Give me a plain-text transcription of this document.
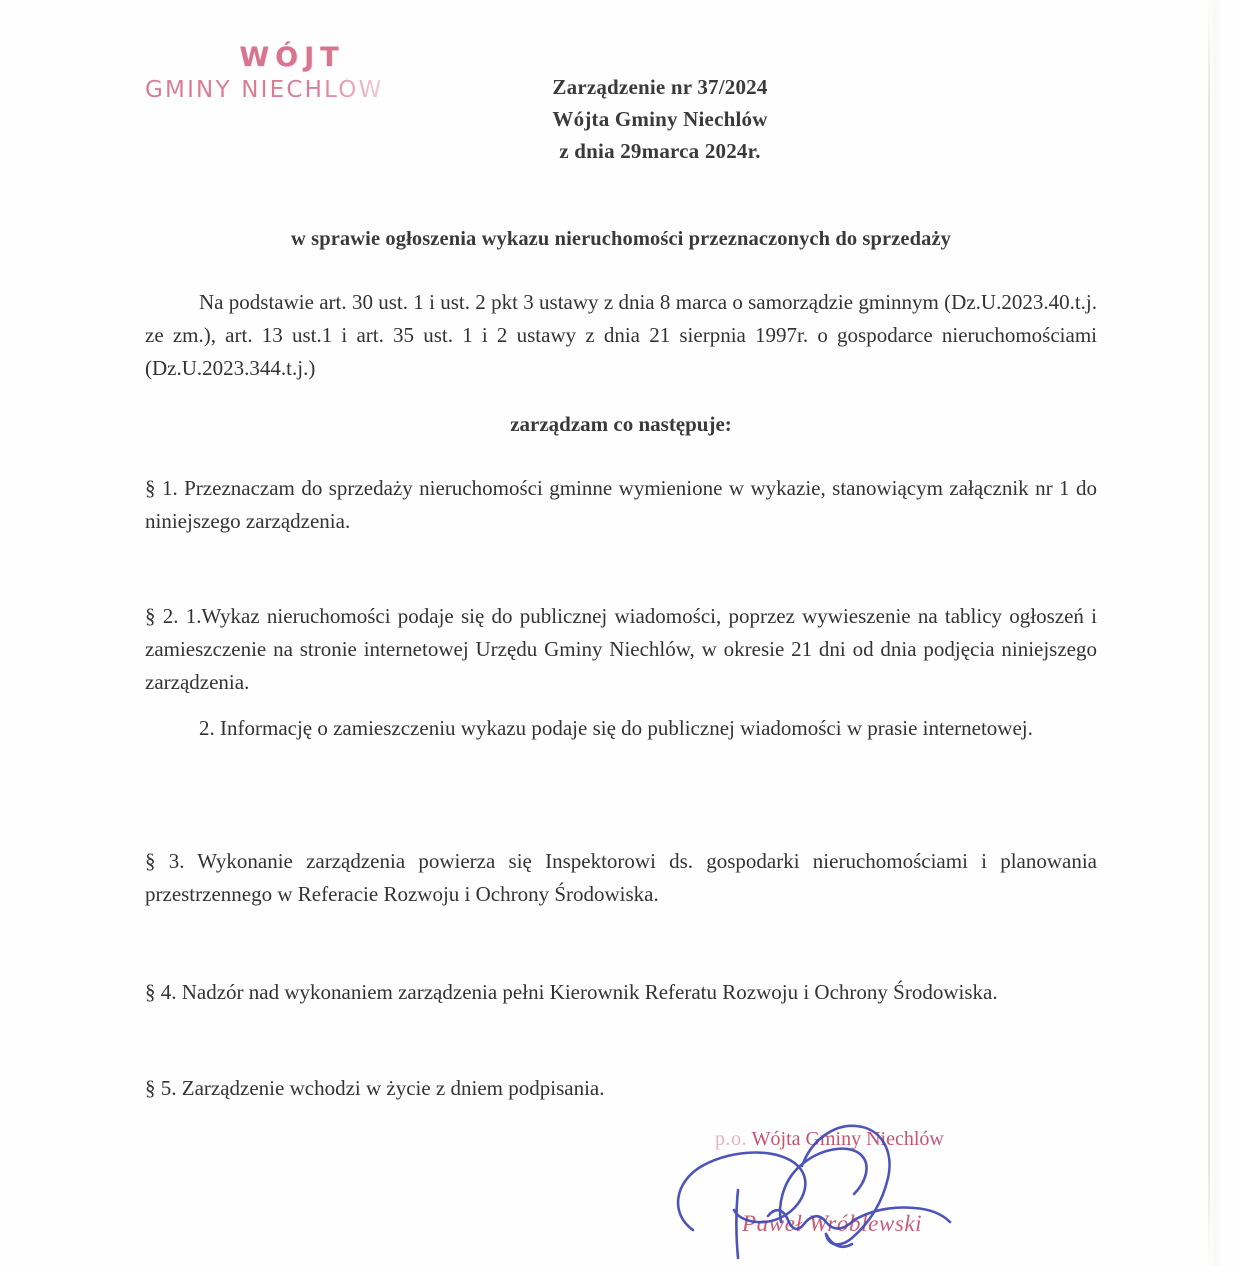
WÓJT
GMINY NIECHLÓW	Zarządzenie nr 37/2024
Wójta Gminy Niechlów
z dnia 29marca 2024r.
w sprawie ogłoszenia wykazu nieruchomości przeznaczonych do sprzedaży
Na podstawie art. 30 ust. 1 i ust. 2 pkt 3 ustawy z dnia 8 marca o samorządzie gminnym (Dz.U.2023.40.t.j. ze zm.), art. 13 ust.1 i art. 35 ust. 1 i 2 ustawy z dnia 21 sierpnia 1997r. o gospodarce nieruchomościami (Dz.U.2023.344.t.j.)
zarządzam co następuje:
§ 1. Przeznaczam do sprzedaży nieruchomości gminne wymienione w wykazie, stanowiącym załącznik nr 1 do niniejszego zarządzenia.
§ 2. 1.Wykaz nieruchomości podaje się do publicznej wiadomości, poprzez wywieszenie na tablicy ogłoszeń i zamieszczenie na stronie internetowej Urzędu Gminy Niechlów, w okresie 21 dni od dnia podjęcia niniejszego zarządzenia.
2. Informację o zamieszczeniu wykazu podaje się do publicznej wiadomości w prasie internetowej.
§ 3. Wykonanie zarządzenia powierza się Inspektorowi ds. gospodarki nieruchomościami i planowania przestrzennego w Referacie Rozwoju i Ochrony Środowiska.
§ 4. Nadzór nad wykonaniem zarządzenia pełni Kierownik Referatu Rozwoju i Ochrony Środowiska.
§ 5. Zarządzenie wchodzi w życie z dniem podpisania.
p.o. Wójta Gminy Niechlów
Paweł Wróblewski
